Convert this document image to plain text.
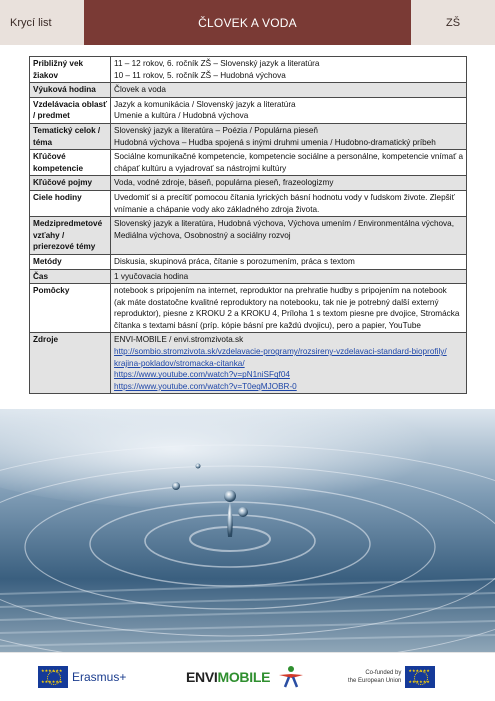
Krycí list	ČLOVEK A VODA	ZŠ
Približný vek žiakov	11 – 12 rokov, 6. ročník ZŠ – Slovenský jazyk a literatúra
10 – 11 rokov, 5. ročník ZŠ – Hudobná výchova

Výuková hodina	Človek a voda

Vzdelávacia oblasť / predmet	Jazyk a komunikácia / Slovenský jazyk a literatúra
Umenie a kultúra / Hudobná výchova

Tematický celok / téma	Slovenský jazyk a literatúra – Poézia / Populárna pieseň
Hudobná výchova – Hudba spojená s inými druhmi umenia / Hudobno-dramatický príbeh

Kľúčové kompetencie	Sociálne komunikačné kompetencie, kompetencie sociálne a personálne, kompetencie vnímať a
chápať kultúru a vyjadrovať sa nástrojmi kultúry

Kľúčové pojmy	Voda, vodné zdroje, báseň, populárna pieseň, frazeologizmy

Ciele hodiny	Uvedomiť si a precítiť pomocou čítania lyrických básní hodnotu vody v ľudskom živote. Zlepšiť
vnímanie a chápanie vody ako základného zdroja života.

Medzipredmetové vzťahy / prierezové témy	Slovenský jazyk a literatúra, Hudobná výchova, Výchova umením / Environmentálna výchova,
Mediálna výchova, Osobnostný a sociálny rozvoj

Metódy	Diskusia, skupinová práca, čítanie s porozumením, práca s textom

Čas	1 vyučovacia hodina

Pomôcky	notebook s pripojením na internet, reproduktor na prehratie hudby s pripojením na notebook
(ak máte dostatočne kvalitné reproduktory na notebooku, tak nie je potrebný další externý
reproduktor), piesne z KROKU 2 a KROKU 4, Príloha 1 s textom piesne pre dvojice, Stromácka
čítanka s textami básní (príp. kópie básní pre každú dvojicu), pero a papier, YouTube

Zdroje	ENVI-MOBILE / envi.stromzivota.sk
http://sombio.stromzivota.sk/vzdelavacie-programy/rozsireny-vzdelavaci-standard-bioprofily/
krajina-pokladov/stromacka-citanka/
https://www.youtube.com/watch?v=pN1niSFqf04
https://www.youtube.com/watch?v=T0eqMJOBR-0
★★★★★★
★★★★★★
Erasmus+	ENVIMOBILE	Co-funded by
the European Union
★★★★★★
★★★★★★
